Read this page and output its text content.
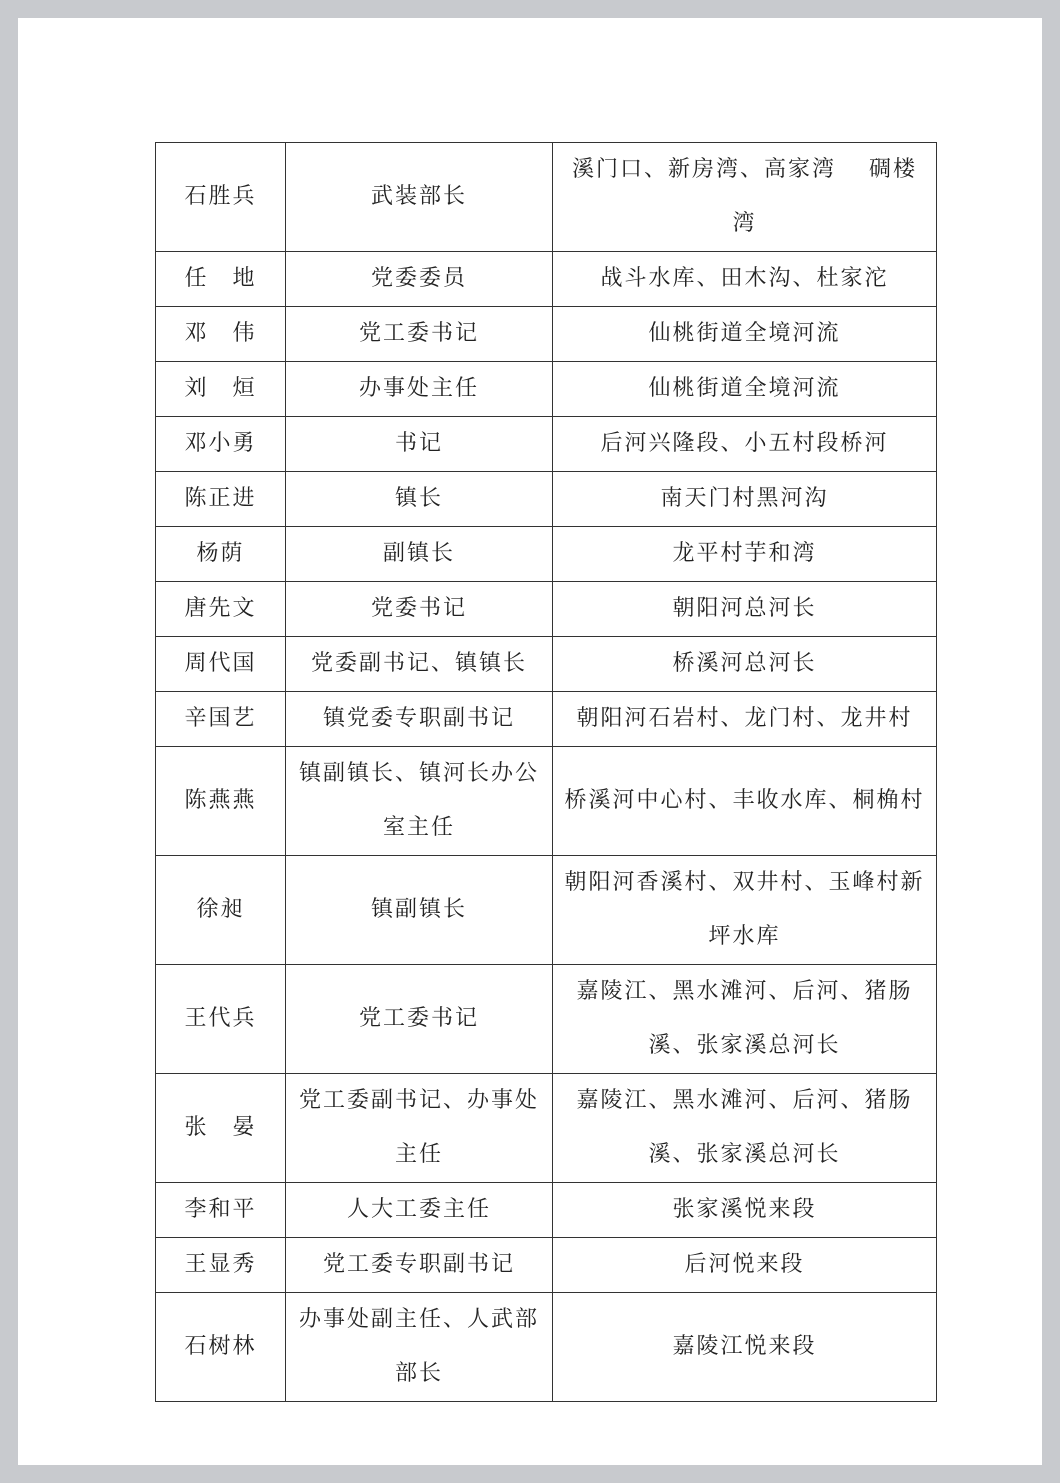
石胜兵	武装部长	溪门口、新房湾、高家湾　 碉楼湾
任　地	党委委员	战斗水库、田木沟、杜家沱
邓　伟	党工委书记	仙桃街道全境河流
刘　烜	办事处主任	仙桃街道全境河流
邓小勇	书记	后河兴隆段、小五村段桥河
陈正进	镇长	南天门村黑河沟
杨荫	副镇长	龙平村芋和湾
唐先文	党委书记	朝阳河总河长
周代国	党委副书记、镇镇长	桥溪河总河长
辛国艺	镇党委专职副书记	朝阳河石岩村、龙门村、龙井村
陈燕燕	镇副镇长、镇河长办公室主任	桥溪河中心村、丰收水库、桐桷村
徐昶	镇副镇长	朝阳河香溪村、双井村、玉峰村新坪水库
王代兵	党工委书记	嘉陵江、黑水滩河、后河、猪肠溪、张家溪总河长
张　晏	党工委副书记、办事处主任	嘉陵江、黑水滩河、后河、猪肠溪、张家溪总河长
李和平	人大工委主任	张家溪悦来段
王显秀	党工委专职副书记	后河悦来段
石树林	办事处副主任、人武部部长	嘉陵江悦来段
